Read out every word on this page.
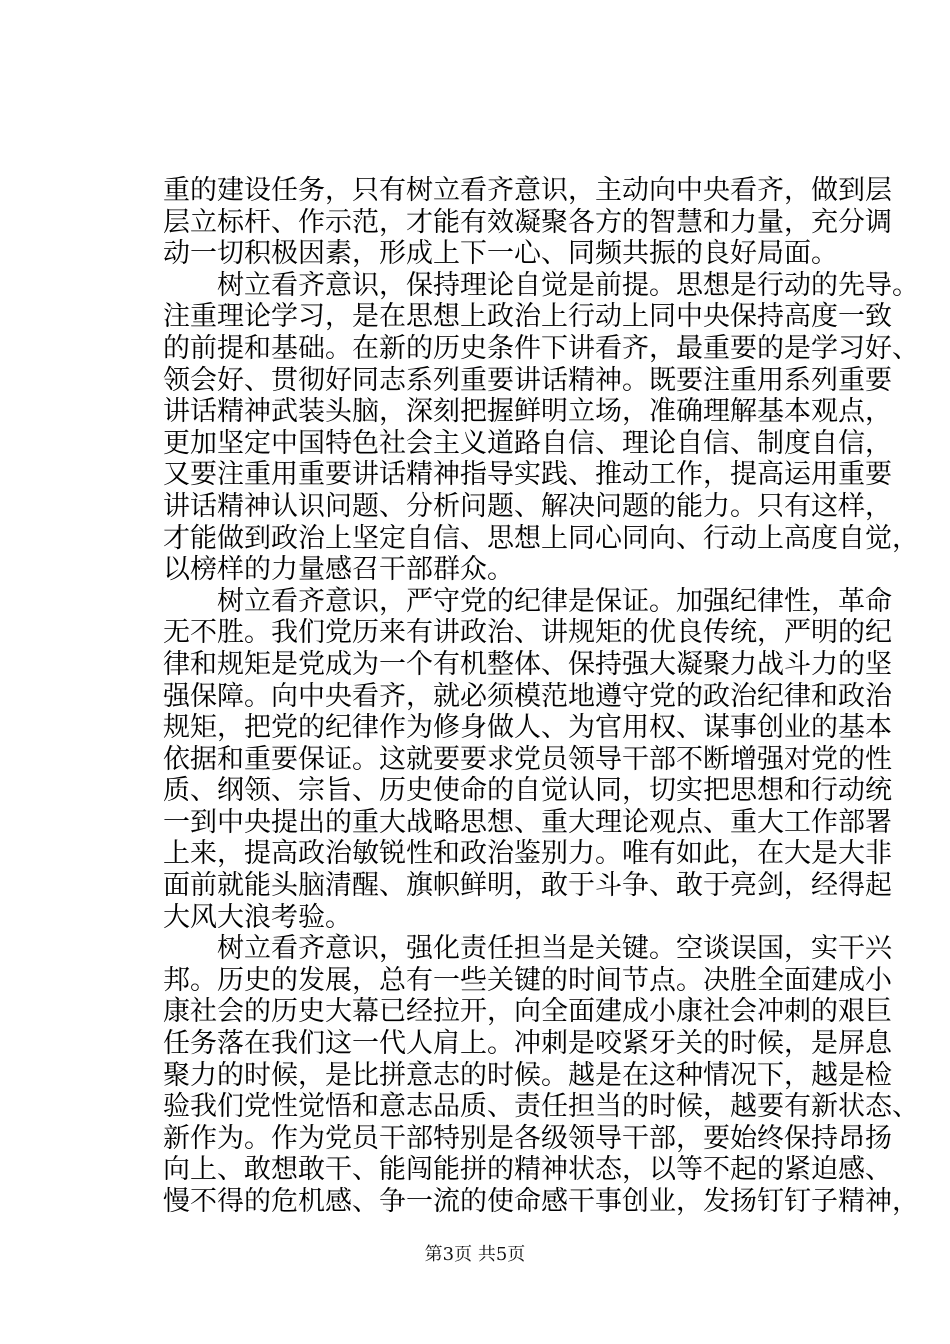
重的建设任务，只有树立看齐意识，主动向中央看齐，做到层
层立标杆、作示范，才能有效凝聚各方的智慧和力量，充分调
动一切积极因素，形成上下一心、同频共振的良好局面。
树立看齐意识，保持理论自觉是前提。思想是行动的先导。
注重理论学习，是在思想上政治上行动上同中央保持高度一致
的前提和基础。在新的历史条件下讲看齐，最重要的是学习好、
领会好、贯彻好同志系列重要讲话精神。既要注重用系列重要
讲话精神武装头脑，深刻把握鲜明立场，准确理解基本观点，
更加坚定中国特色社会主义道路自信、理论自信、制度自信，
又要注重用重要讲话精神指导实践、推动工作，提高运用重要
讲话精神认识问题、分析问题、解决问题的能力。只有这样，
才能做到政治上坚定自信、思想上同心同向、行动上高度自觉，
以榜样的力量感召干部群众。
树立看齐意识，严守党的纪律是保证。加强纪律性，革命
无不胜。我们党历来有讲政治、讲规矩的优良传统，严明的纪
律和规矩是党成为一个有机整体、保持强大凝聚力战斗力的坚
强保障。向中央看齐，就必须模范地遵守党的政治纪律和政治
规矩，把党的纪律作为修身做人、为官用权、谋事创业的基本
依据和重要保证。这就要要求党员领导干部不断增强对党的性
质、纲领、宗旨、历史使命的自觉认同，切实把思想和行动统
一到中央提出的重大战略思想、重大理论观点、重大工作部署
上来，提高政治敏锐性和政治鉴别力。唯有如此，在大是大非
面前就能头脑清醒、旗帜鲜明，敢于斗争、敢于亮剑，经得起
大风大浪考验。
树立看齐意识，强化责任担当是关键。空谈误国，实干兴
邦。历史的发展，总有一些关键的时间节点。决胜全面建成小
康社会的历史大幕已经拉开，向全面建成小康社会冲刺的艰巨
任务落在我们这一代人肩上。冲刺是咬紧牙关的时候，是屏息
聚力的时候，是比拼意志的时候。越是在这种情况下，越是检
验我们党性觉悟和意志品质、责任担当的时候，越要有新状态、
新作为。作为党员干部特别是各级领导干部，要始终保持昂扬
向上、敢想敢干、能闯能拼的精神状态，以等不起的紧迫感、
慢不得的危机感、争一流的使命感干事创业，发扬钉钉子精神，
第3页 共5页
